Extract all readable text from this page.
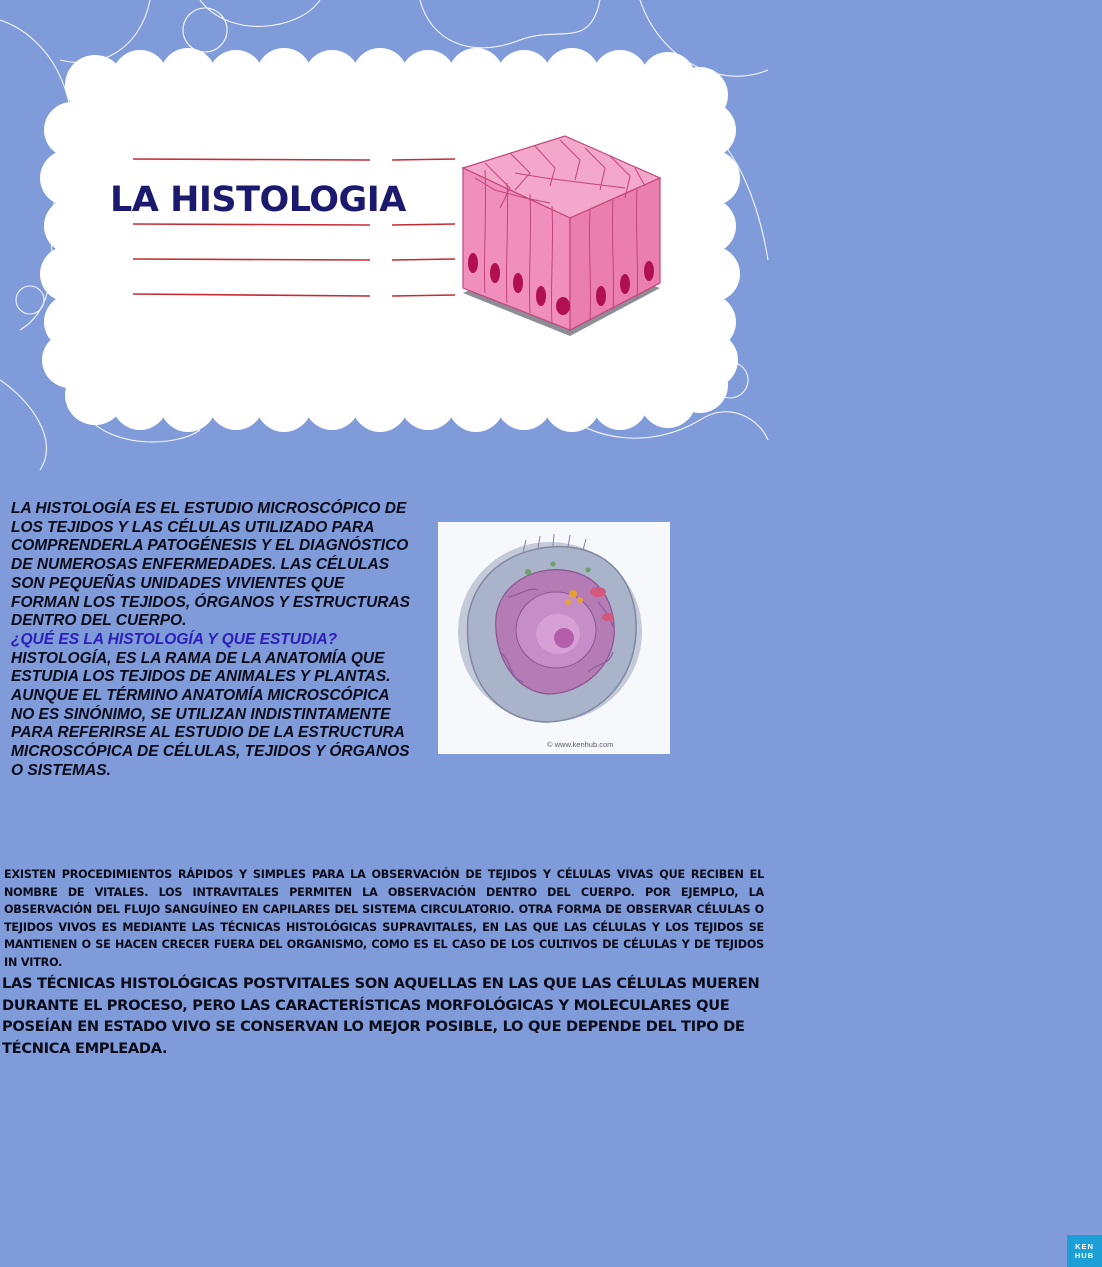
LA HISTOLOGIA

LA HISTOLOGÍA ES EL ESTUDIO MICROSCÓPICO DE LOS TEJIDOS Y LAS CÉLULAS UTILIZADO PARA COMPRENDERLA PATOGÉNESIS Y EL DIAGNÓSTICO DE NUMEROSAS ENFERMEDADES. LAS CÉLULAS SON PEQUEÑAS UNIDADES VIVIENTES QUE FORMAN LOS TEJIDOS, ÓRGANOS Y ESTRUCTURAS DENTRO DEL CUERPO.
¿QUÉ ES LA HISTOLOGÍA Y QUE ESTUDIA?
HISTOLOGÍA, ES LA RAMA DE LA ANATOMÍA QUE ESTUDIA LOS TEJIDOS DE ANIMALES Y PLANTAS. AUNQUE EL TÉRMINO ANATOMÍA MICROSCÓPICA NO ES SINÓNIMO, SE UTILIZAN INDISTINTAMENTE PARA REFERIRSE AL ESTUDIO DE LA ESTRUCTURA MICROSCÓPICA DE CÉLULAS, TEJIDOS Y ÓRGANOS O SISTEMAS.

KEN
HUB
© www.kenhub.com

EXISTEN PROCEDIMIENTOS RÁPIDOS Y SIMPLES PARA LA OBSERVACIÓN DE TEJIDOS Y CÉLULAS VIVAS QUE RECIBEN EL NOMBRE DE VITALES. LOS INTRAVITALES PERMITEN LA OBSERVACIÓN DENTRO DEL CUERPO. POR EJEMPLO, LA OBSERVACIÓN DEL FLUJO SANGUÍNEO EN CAPILARES DEL SISTEMA CIRCULATORIO. OTRA FORMA DE OBSERVAR CÉLULAS O TEJIDOS VIVOS ES MEDIANTE LAS TÉCNICAS HISTOLÓGICAS SUPRAVITALES, EN LAS QUE LAS CÉLULAS Y LOS TEJIDOS SE MANTIENEN O SE HACEN CRECER FUERA DEL ORGANISMO, COMO ES EL CASO DE LOS CULTIVOS DE CÉLULAS Y DE TEJIDOS IN VITRO.

LAS TÉCNICAS HISTOLÓGICAS POSTVITALES SON AQUELLAS EN LAS QUE LAS CÉLULAS MUEREN DURANTE EL PROCESO, PERO LAS CARACTERÍSTICAS MORFOLÓGICAS Y MOLECULARES QUE POSEÍAN EN ESTADO VIVO SE CONSERVAN LO MEJOR POSIBLE, LO QUE DEPENDE DEL TIPO DE TÉCNICA EMPLEADA.
